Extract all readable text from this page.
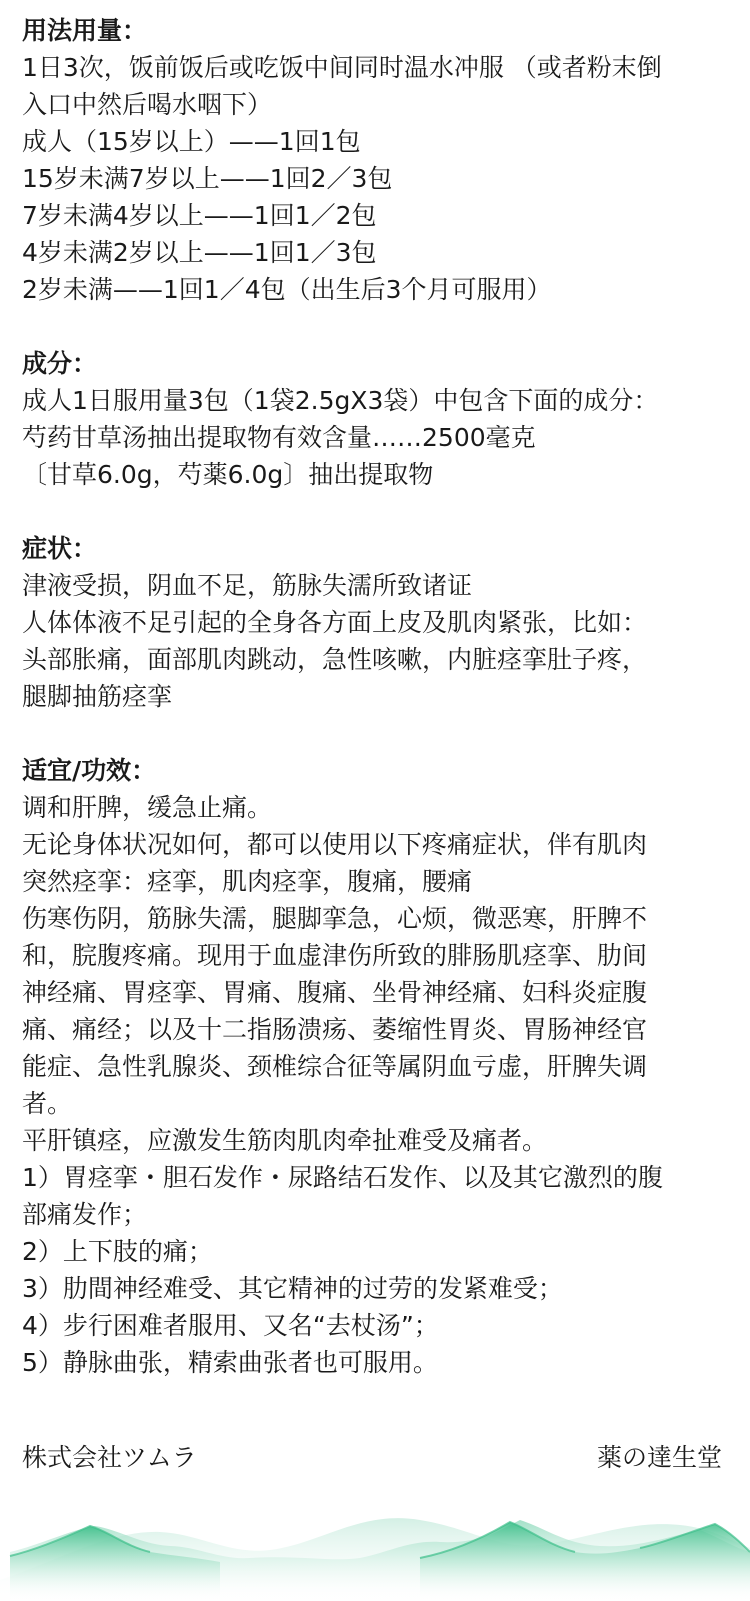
用法用量：
1日3次，饭前饭后或吃饭中间同时温水冲服 （或者粉末倒
入口中然后喝水咽下）
成人（15岁以上）——1回1包
15岁未满7岁以上——1回2／3包
7岁未满4岁以上——1回1／2包
4岁未满2岁以上——1回1／3包
2岁未满——1回1／4包（出生后3个月可服用）
成分：
成人1日服用量3包（1袋2.5gX3袋）中包含下面的成分：
芍药甘草汤抽出提取物有效含量……2500毫克
〔甘草6.0g，芍薬6.0g〕抽出提取物
症状：
津液受损，阴血不足，筋脉失濡所致诸证
人体体液不足引起的全身各方面上皮及肌肉紧张，比如：
头部胀痛，面部肌肉跳动，急性咳嗽，内脏痉挛肚子疼，
腿脚抽筋痉挛
适宜/功效：
调和肝脾，缓急止痛。
无论身体状况如何，都可以使用以下疼痛症状，伴有肌肉
突然痉挛：痉挛，肌肉痉挛，腹痛，腰痛
伤寒伤阴，筋脉失濡，腿脚挛急，心烦，微恶寒，肝脾不
和，脘腹疼痛。现用于血虚津伤所致的腓肠肌痉挛、肋间
神经痛、胃痉挛、胃痛、腹痛、坐骨神经痛、妇科炎症腹
痛、痛经；以及十二指肠溃疡、萎缩性胃炎、胃肠神经官
能症、急性乳腺炎、颈椎综合征等属阴血亏虚，肝脾失调
者。
平肝镇痉，应激发生筋肉肌肉牵扯难受及痛者。
1）胃痉挛・胆石发作・尿路结石发作、以及其它激烈的腹
部痛发作；
2）上下肢的痛；
3）肋間神经难受、其它精神的过劳的发紧难受；
4）步行困难者服用、又名“去杖汤”；
5）静脉曲张，精索曲张者也可服用。
株式会社ツムラ	薬の達生堂
